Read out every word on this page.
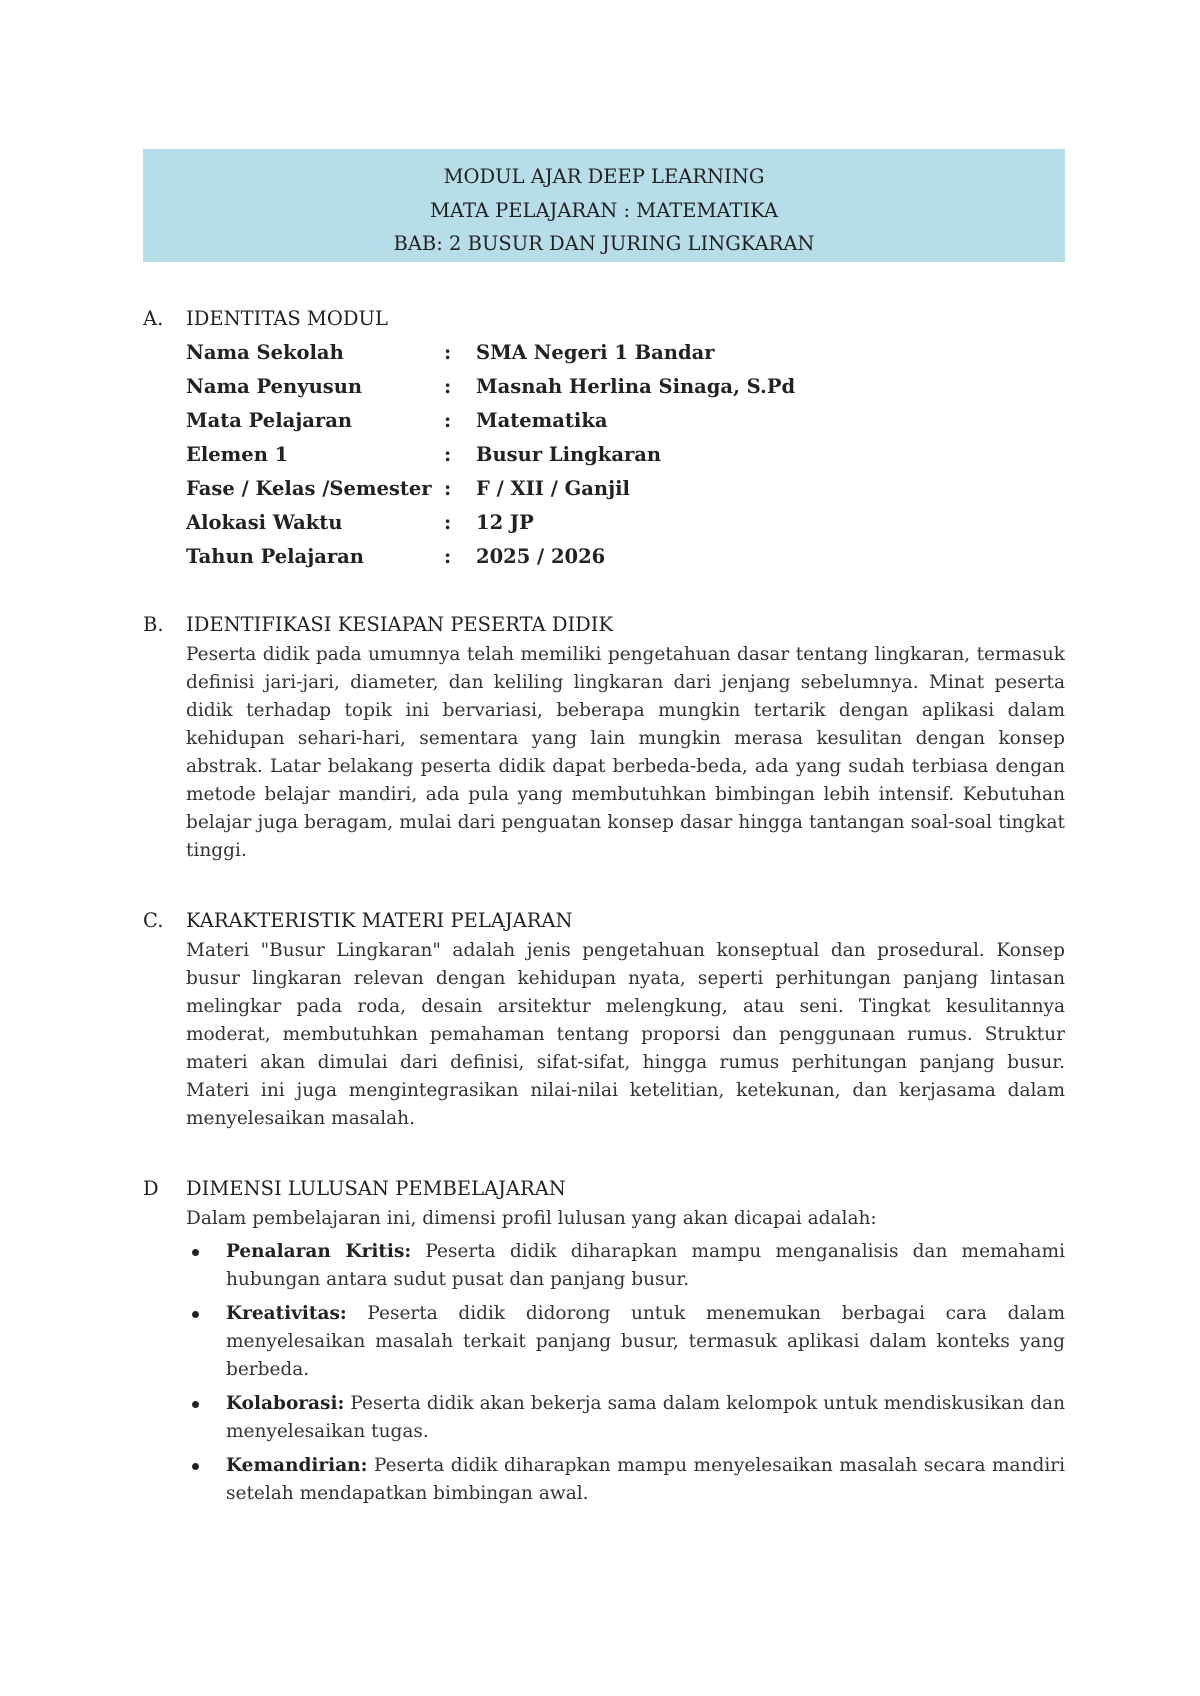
MODUL AJAR DEEP LEARNING
MATA PELAJARAN : MATEMATIKA
BAB: 2 BUSUR DAN JURING LINGKARAN
A. IDENTITAS MODUL
Nama Sekolah	: SMA Negeri 1 Bandar
Nama Penyusun	: Masnah Herlina Sinaga, S.Pd
Mata Pelajaran	: Matematika
Elemen 1	: Busur Lingkaran
Fase / Kelas /Semester : F / XII / Ganjil
Alokasi Waktu	: 12 JP
Tahun Pelajaran	: 2025 / 2026
B. IDENTIFIKASI KESIAPAN PESERTA DIDIK
Peserta didik pada umumnya telah memiliki pengetahuan dasar tentang lingkaran, termasuk definisi jari-jari, diameter, dan keliling lingkaran dari jenjang sebelumnya. Minat peserta didik terhadap topik ini bervariasi, beberapa mungkin tertarik dengan aplikasi dalam kehidupan sehari-hari, sementara yang lain mungkin merasa kesulitan dengan konsep abstrak. Latar belakang peserta didik dapat berbeda-beda, ada yang sudah terbiasa dengan metode belajar mandiri, ada pula yang membutuhkan bimbingan lebih intensif. Kebutuhan belajar juga beragam, mulai dari penguatan konsep dasar hingga tantangan soal-soal tingkat tinggi.
C. KARAKTERISTIK MATERI PELAJARAN
Materi "Busur Lingkaran" adalah jenis pengetahuan konseptual dan prosedural. Konsep busur lingkaran relevan dengan kehidupan nyata, seperti perhitungan panjang lintasan melingkar pada roda, desain arsitektur melengkung, atau seni. Tingkat kesulitannya moderat, membutuhkan pemahaman tentang proporsi dan penggunaan rumus. Struktur materi akan dimulai dari definisi, sifat-sifat, hingga rumus perhitungan panjang busur. Materi ini juga mengintegrasikan nilai-nilai ketelitian, ketekunan, dan kerjasama dalam menyelesaikan masalah.
D DIMENSI LULUSAN PEMBELAJARAN
Dalam pembelajaran ini, dimensi profil lulusan yang akan dicapai adalah:
Penalaran Kritis: Peserta didik diharapkan mampu menganalisis dan memahami hubungan antara sudut pusat dan panjang busur.
Kreativitas: Peserta didik didorong untuk menemukan berbagai cara dalam menyelesaikan masalah terkait panjang busur, termasuk aplikasi dalam konteks yang berbeda.
Kolaborasi: Peserta didik akan bekerja sama dalam kelompok untuk mendiskusikan dan menyelesaikan tugas.
Kemandirian: Peserta didik diharapkan mampu menyelesaikan masalah secara mandiri setelah mendapatkan bimbingan awal.
